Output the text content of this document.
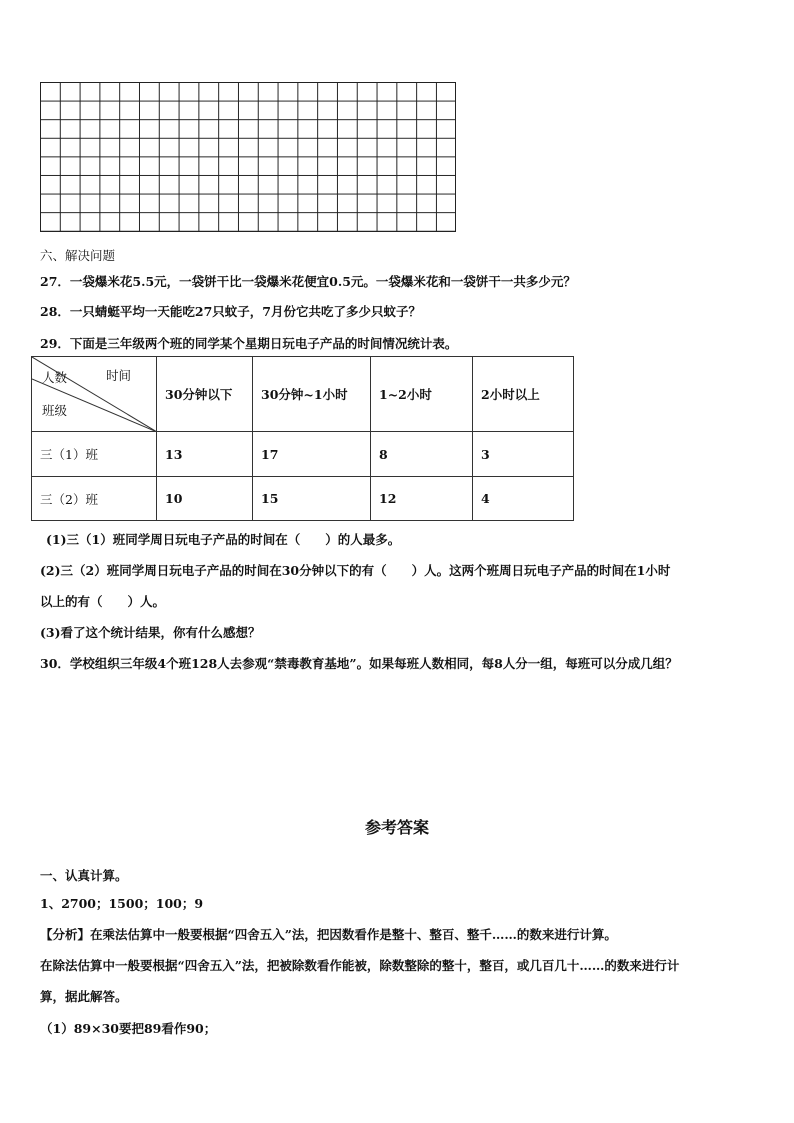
六、解决问题
27．一袋爆米花5.5元，一袋饼干比一袋爆米花便宜0.5元。一袋爆米花和一袋饼干一共多少元？
28．一只蜻蜓平均一天能吃27只蚊子，7月份它共吃了多少只蚊子？
29．下面是三年级两个班的同学某个星期日玩电子产品的时间情况统计表。
人数 时间
班级	30分钟以下	30分钟~1小时	1~2小时	2小时以上
三（1）班	13	17	8	3
三（2）班	10	15	12	4
(1)三（1）班同学周日玩电子产品的时间在（　　）的人最多。
(2)三（2）班同学周日玩电子产品的时间在30分钟以下的有（　　）人。这两个班周日玩电子产品的时间在1小时
以上的有（　　）人。
(3)看了这个统计结果，你有什么感想？
30．学校组织三年级4个班128人去参观“禁毒教育基地”。如果每班人数相同，每8人分一组，每班可以分成几组？
参考答案
一、认真计算。
1、2700；1500；100；9
【分析】在乘法估算中一般要根据“四舍五入”法，把因数看作是整十、整百、整千……的数来进行计算。
在除法估算中一般要根据“四舍五入”法，把被除数看作能被，除数整除的整十，整百，或几百几十……的数来进行计
算，据此解答。
（1）89×30要把89看作90；
